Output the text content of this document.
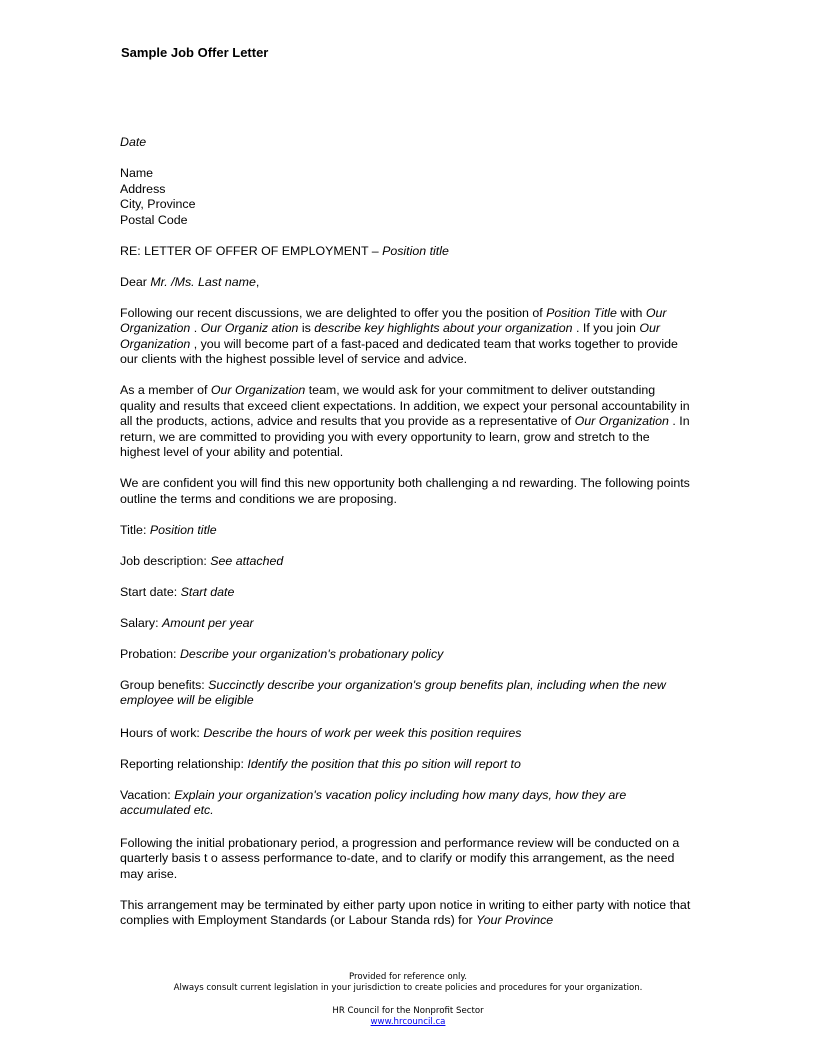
Sample Job Offer Letter

Date

Name

Address

City, Province

Postal Code

RE: LETTER OF OFFER OF EMPLOYMENT – Position title

Dear Mr. /Ms. Last name,

Following our recent discussions, we are delighted to offer you the position of Position Title with Our Organization . Our Organiz ation is describe key highlights about your organization . If you join Our Organization , you will become part of a fast-paced and dedicated team that works together to provide our clients with the highest possible level of service and advice.

As a member of Our Organization team, we would ask for your commitment to deliver outstanding quality and results that exceed client expectations. In addition, we expect your personal accountability in all the products, actions, advice and results that you provide as a representative of Our Organization . In return, we are committed to providing you with every opportunity to learn, grow and stretch to the highest level of your ability and potential.

We are confident you will find this new opportunity both challenging a nd rewarding. The following points outline the terms and conditions we are proposing.

Title: Position title

Job description: See attached

Start date: Start date

Salary: Amount per year

Probation: Describe your organization's probationary policy

Group benefits: Succinctly describe your organization's group benefits plan, including when the new employee will be eligible

Hours of work: Describe the hours of work per week this position requires

Reporting relationship: Identify the position that this po sition will report to

Vacation: Explain your organization's vacation policy including how many days, how they are accumulated etc.

Following the initial probationary period, a progression and performance review will be conducted on a quarterly basis t o assess performance to-date, and to clarify or modify this arrangement, as the need may arise.

This arrangement may be terminated by either party upon notice in writing to either party with notice that complies with Employment Standards (or Labour Standa rds) for Your Province

Provided for reference only.
Always consult current legislation in your jurisdiction to create policies and procedures for your organization.
HR Council for the Nonprofit Sector
www.hrcouncil.ca
